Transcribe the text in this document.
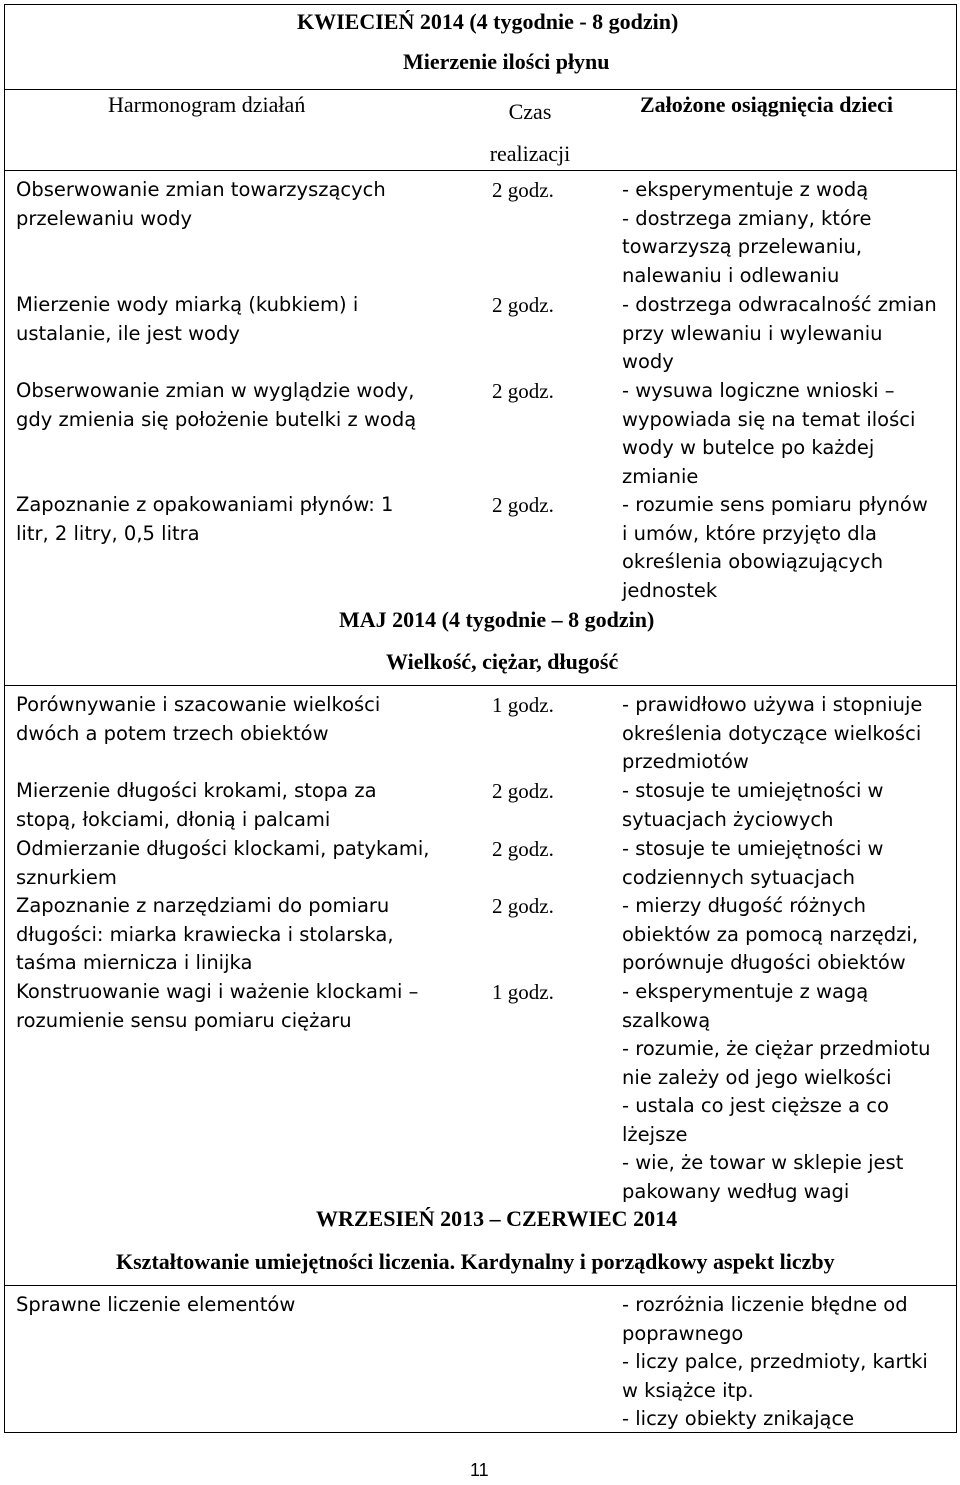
KWIECIEŃ 2014 (4 tygodnie - 8 godzin)
Mierzenie ilości płynu
Harmonogram działań	Czas
realizacji
Założone osiągnięcia dzieci
Obserwowanie zmian towarzyszących
przelewaniu wody
2 godz.	- eksperymentuje z wodą
- dostrzega zmiany, które
towarzyszą przelewaniu,
nalewaniu i odlewaniu
Mierzenie wody miarką (kubkiem) i
ustalanie, ile jest wody
2 godz.	- dostrzega odwracalność zmian
przy wlewaniu i wylewaniu
wody
Obserwowanie zmian w wyglądzie wody,
gdy zmienia się położenie butelki z wodą
2 godz.	- wysuwa logiczne wnioski –
wypowiada się na temat ilości
wody w butelce po każdej
zmianie
Zapoznanie z opakowaniami płynów: 1
litr, 2 litry, 0,5 litra
2 godz.	- rozumie sens pomiaru płynów
i umów, które przyjęto dla
określenia obowiązujących
jednostek
MAJ 2014 (4 tygodnie – 8 godzin)
Wielkość, ciężar, długość
Porównywanie i szacowanie wielkości
dwóch a potem trzech obiektów
1 godz.	- prawidłowo używa i stopniuje
określenia dotyczące wielkości
przedmiotów
Mierzenie długości krokami, stopa za
stopą, łokciami, dłonią i palcami
2 godz.	- stosuje te umiejętności w
sytuacjach życiowych
Odmierzanie długości klockami, patykami,
sznurkiem
2 godz.	- stosuje te umiejętności w
codziennych sytuacjach
Zapoznanie z narzędziami do pomiaru
długości: miarka krawiecka i stolarska,
taśma miernicza i linijka
2 godz.	- mierzy długość różnych
obiektów za pomocą narzędzi,
porównuje długości obiektów
Konstruowanie wagi i ważenie klockami –
rozumienie sensu pomiaru ciężaru
1 godz.	- eksperymentuje z wagą
szalkową
- rozumie, że ciężar przedmiotu
nie zależy od jego wielkości
- ustala co jest cięższe a co
lżejsze
- wie, że towar w sklepie jest
pakowany według wagi
WRZESIEŃ 2013 – CZERWIEC 2014
Kształtowanie umiejętności liczenia. Kardynalny i porządkowy aspekt liczby
Sprawne liczenie elementów	- rozróżnia liczenie błędne od
poprawnego
- liczy palce, przedmioty, kartki
w książce itp.
- liczy obiekty znikające
11
